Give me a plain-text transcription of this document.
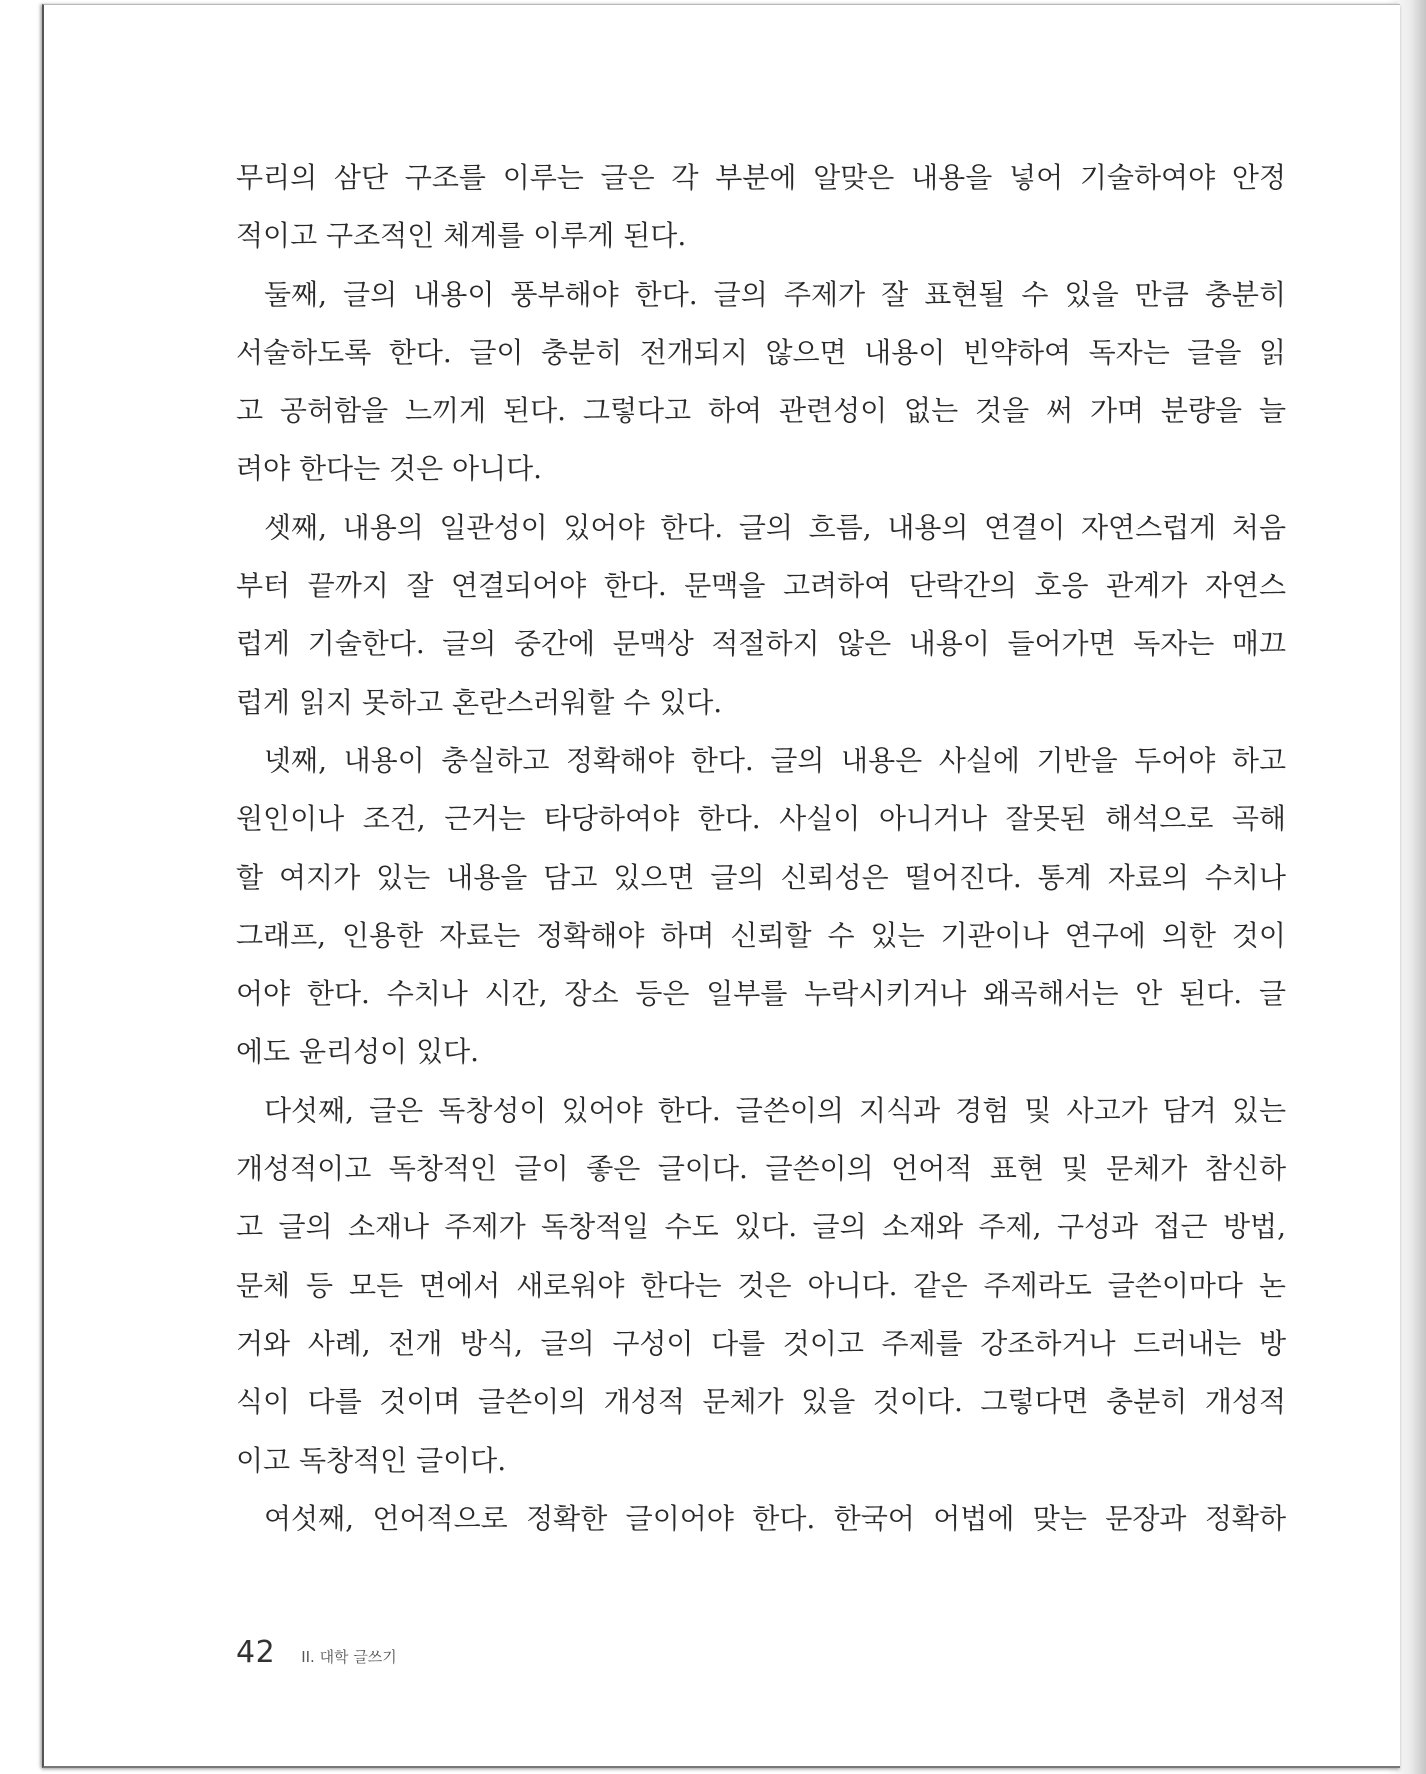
무리의 삼단 구조를 이루는 글은 각 부분에 알맞은 내용을 넣어 기술하여야 안정
적이고 구조적인 체계를 이루게 된다.
둘째, 글의 내용이 풍부해야 한다. 글의 주제가 잘 표현될 수 있을 만큼 충분히
서술하도록 한다. 글이 충분히 전개되지 않으면 내용이 빈약하여 독자는 글을 읽
고 공허함을 느끼게 된다. 그렇다고 하여 관련성이 없는 것을 써 가며 분량을 늘
려야 한다는 것은 아니다.
셋째, 내용의 일관성이 있어야 한다. 글의 흐름, 내용의 연결이 자연스럽게 처음
부터 끝까지 잘 연결되어야 한다. 문맥을 고려하여 단락간의 호응 관계가 자연스
럽게 기술한다. 글의 중간에 문맥상 적절하지 않은 내용이 들어가면 독자는 매끄
럽게 읽지 못하고 혼란스러워할 수 있다.
넷째, 내용이 충실하고 정확해야 한다. 글의 내용은 사실에 기반을 두어야 하고
원인이나 조건, 근거는 타당하여야 한다. 사실이 아니거나 잘못된 해석으로 곡해
할 여지가 있는 내용을 담고 있으면 글의 신뢰성은 떨어진다. 통계 자료의 수치나
그래프, 인용한 자료는 정확해야 하며 신뢰할 수 있는 기관이나 연구에 의한 것이
어야 한다. 수치나 시간, 장소 등은 일부를 누락시키거나 왜곡해서는 안 된다. 글
에도 윤리성이 있다.
다섯째, 글은 독창성이 있어야 한다. 글쓴이의 지식과 경험 및 사고가 담겨 있는
개성적이고 독창적인 글이 좋은 글이다. 글쓴이의 언어적 표현 및 문체가 참신하
고 글의 소재나 주제가 독창적일 수도 있다. 글의 소재와 주제, 구성과 접근 방법,
문체 등 모든 면에서 새로워야 한다는 것은 아니다. 같은 주제라도 글쓴이마다 논
거와 사례, 전개 방식, 글의 구성이 다를 것이고 주제를 강조하거나 드러내는 방
식이 다를 것이며 글쓴이의 개성적 문체가 있을 것이다. 그렇다면 충분히 개성적
이고 독창적인 글이다.
여섯째, 언어적으로 정확한 글이어야 한다. 한국어 어법에 맞는 문장과 정확하
42 II. 대학 글쓰기
